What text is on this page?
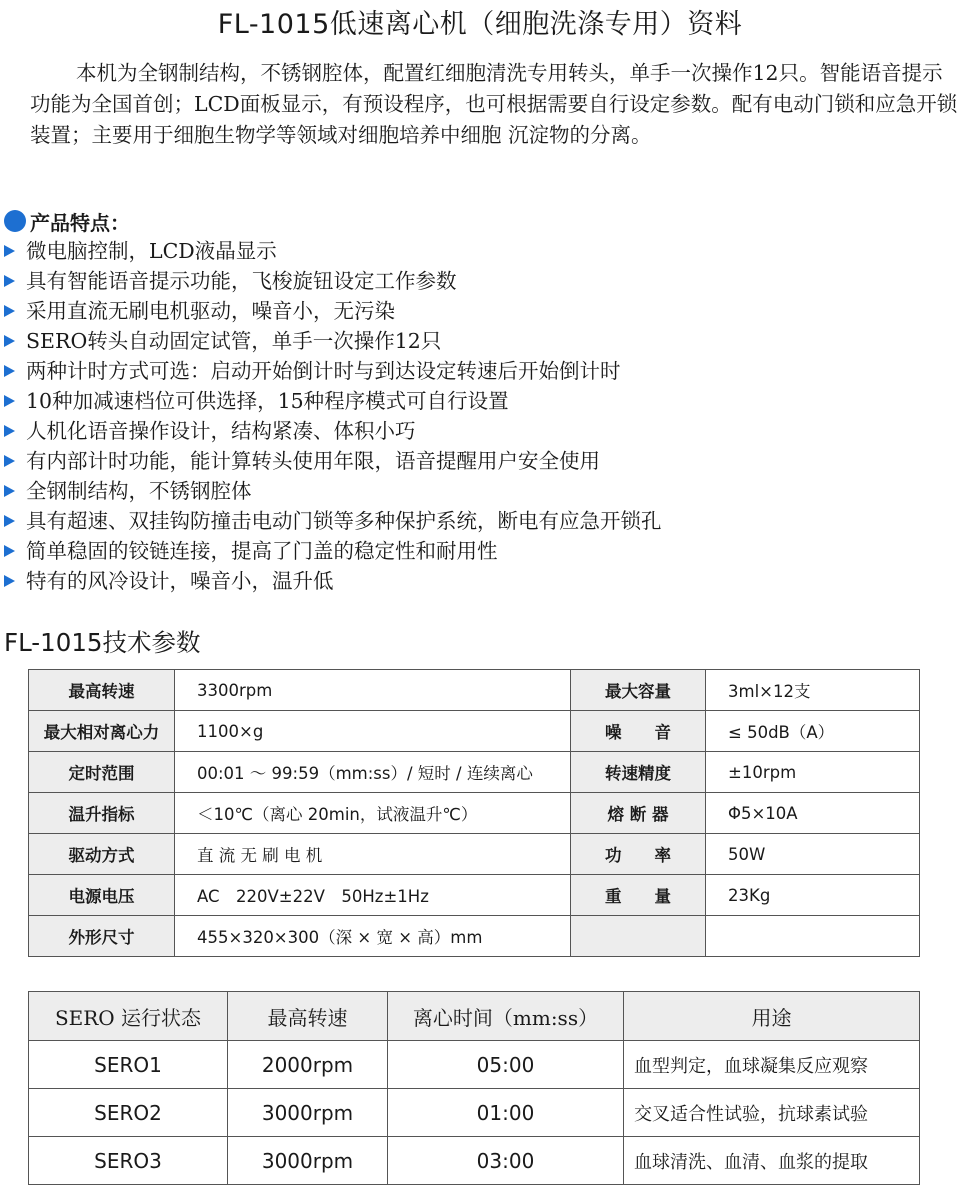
FL-1015低速离心机（细胞洗涤专用）资料

本机为全钢制结构，不锈钢腔体，配置红细胞清洗专用转头，单手一次操作12只。智能语音提示功能为全国首创；LCD面板显示，有预设程序，也可根据需要自行设定参数。配有电动门锁和应急开锁装置；主要用于细胞生物学等领域对细胞培养中细胞 沉淀物的分离。

产品特点：
微电脑控制，LCD液晶显示
具有智能语音提示功能，飞梭旋钮设定工作参数
采用直流无刷电机驱动，噪音小，无污染
SERO转头自动固定试管，单手一次操作12只
两种计时方式可选：启动开始倒计时与到达设定转速后开始倒计时
10种加减速档位可供选择，15种程序模式可自行设置
人机化语音操作设计，结构紧凑、体积小巧
有内部计时功能，能计算转头使用年限，语音提醒用户安全使用
全钢制结构，不锈钢腔体
具有超速、双挂钩防撞击电动门锁等多种保护系统，断电有应急开锁孔
简单稳固的铰链连接，提高了门盖的稳定性和耐用性
特有的风冷设计，噪音小，温升低
FL-1015技术参数
最高转速	3300rpm	最大容量	3ml×12支
最大相对离心力	1100×g	噪　　音	≤ 50dB（A）
定时范围	00:01 ～ 99:59（mm:ss）/ 短时 / 连续离心	转速精度	±10rpm
温升指标	＜10℃（离心 20min，试液温升℃）	熔 断 器	Φ5×10A
驱动方式	直 流 无 刷 电 机	功　　率	50W
电源电压	AC　220V±22V　50Hz±1Hz	重　　量	23Kg
外形尺寸	455×320×300（深 × 宽 × 高）mm		
SERO 运行状态	最高转速	离心时间（mm:ss）	用途
SERO1	2000rpm	05:00	血型判定，血球凝集反应观察
SERO2	3000rpm	01:00	交叉适合性试验，抗球素试验
SERO3	3000rpm	03:00	血球清洗、血清、血浆的提取
